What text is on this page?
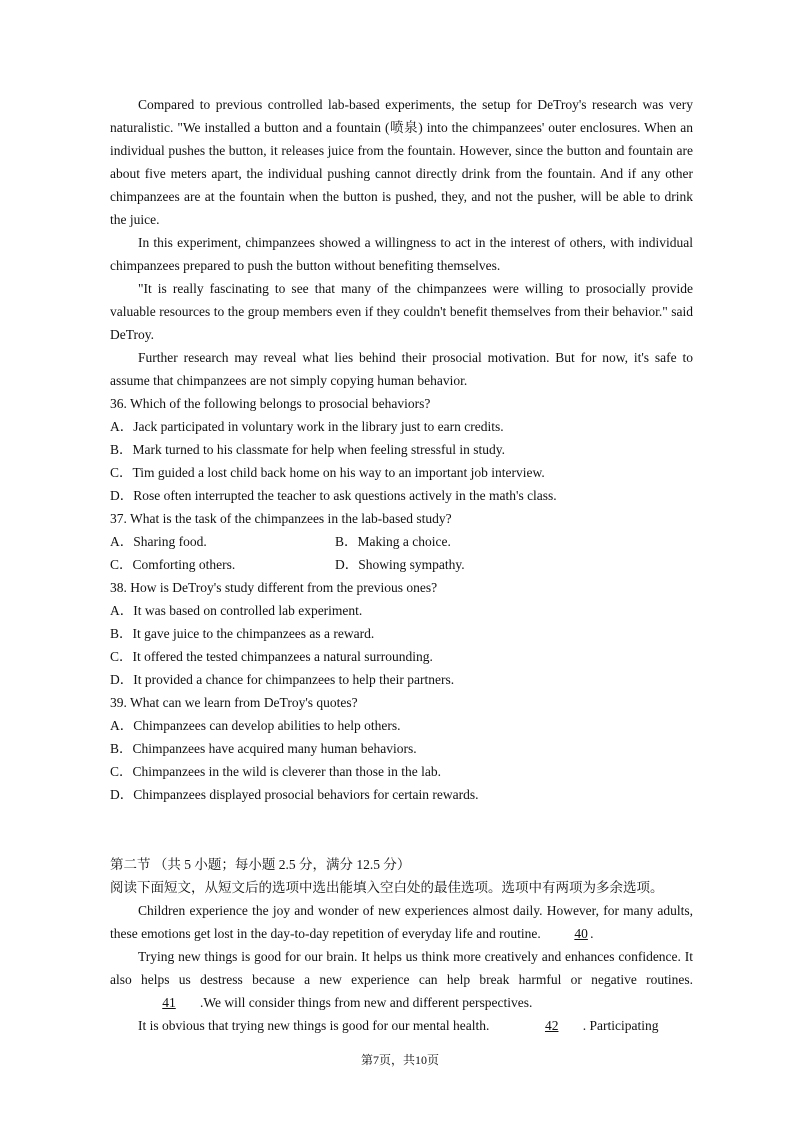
Compared to previous controlled lab-based experiments, the setup for DeTroy's research was very naturalistic. "We installed a button and a fountain (喷泉) into the chimpanzees' outer enclosures. When an individual pushes the button, it releases juice from the fountain. However, since the button and fountain are about five meters apart, the individual pushing cannot directly drink from the fountain. And if any other chimpanzees are at the fountain when the button is pushed, they, and not the pusher, will be able to drink the juice.

In this experiment, chimpanzees showed a willingness to act in the interest of others, with individual chimpanzees prepared to push the button without benefiting themselves.

"It is really fascinating to see that many of the chimpanzees were willing to prosocially provide valuable resources to the group members even if they couldn't benefit themselves from their behavior." said DeTroy.

Further research may reveal what lies behind their prosocial motivation. But for now, it's safe to assume that chimpanzees are not simply copying human behavior.

36. Which of the following belongs to prosocial behaviors?

A．Jack participated in voluntary work in the library just to earn credits.

B．Mark turned to his classmate for help when feeling stressful in study.

C．Tim guided a lost child back home on his way to an important job interview.

D．Rose often interrupted the teacher to ask questions actively in the math's class.

37. What is the task of the chimpanzees in the lab-based study?

A．Sharing food.	B．Making a choice.
C．Comforting others.	D．Showing sympathy.

38. How is DeTroy's study different from the previous ones?

A．It was based on controlled lab experiment.

B．It gave juice to the chimpanzees as a reward.

C．It offered the tested chimpanzees a natural surrounding.

D．It provided a chance for chimpanzees to help their partners.

39. What can we learn from DeTroy's quotes?

A．Chimpanzees can develop abilities to help others.

B．Chimpanzees have acquired many human behaviors.

C．Chimpanzees in the wild is cleverer than those in the lab.

D．Chimpanzees displayed prosocial behaviors for certain rewards.

第二节 （共 5 小题；每小题 2.5 分，满分 12.5 分）

阅读下面短文，从短文后的选项中选出能填入空白处的最佳选项。选项中有两项为多余选项。

Children experience the joy and wonder of new experiences almost daily. However, for many adults, these emotions get lost in the day-to-day repetition of everyday life and routine. 40 .

Trying new things is good for our brain. It helps us think more creatively and enhances confidence. It also helps us destress because a new experience can help break harmful or negative routines. 41 .We will consider things from new and different perspectives.

It is obvious that trying new things is good for our mental health.	42 . Participating

第7页，共10页
